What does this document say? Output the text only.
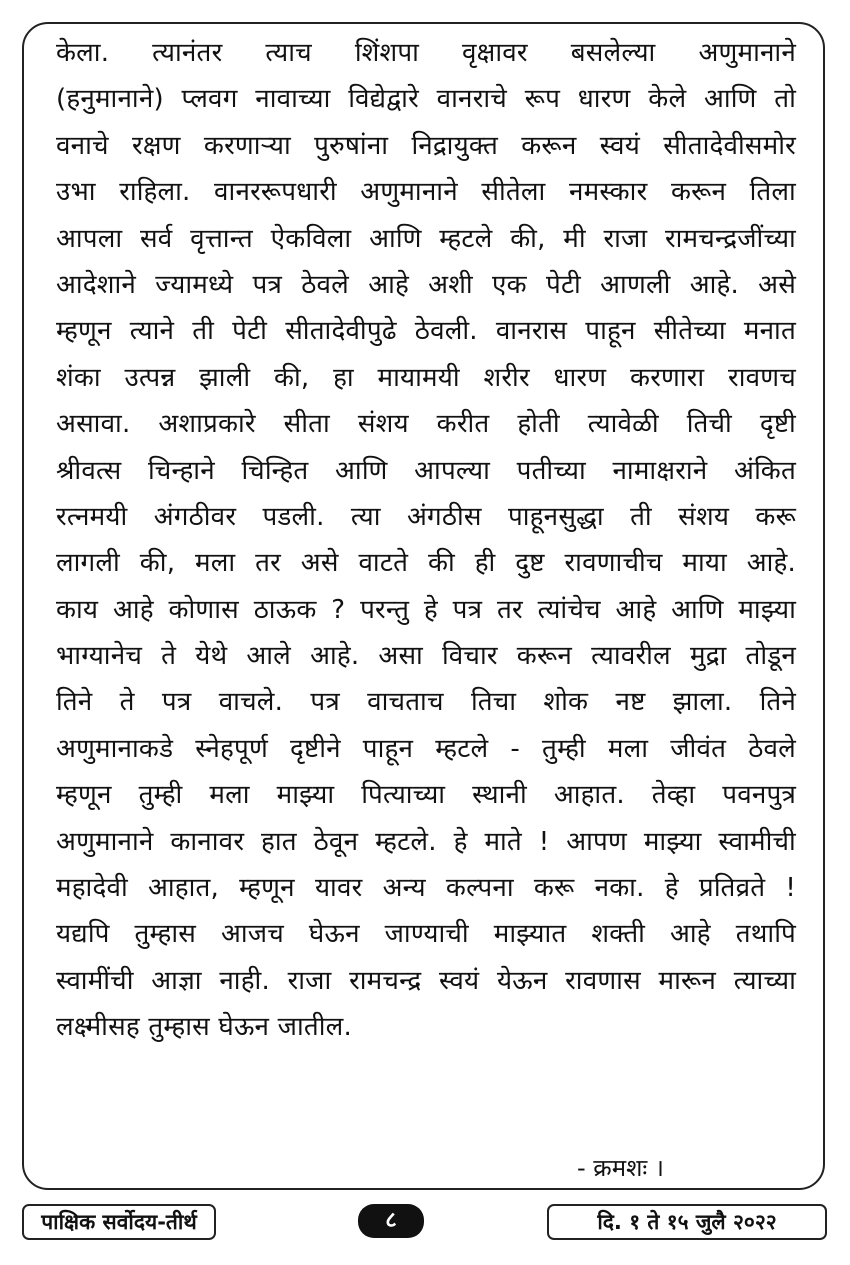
केला. त्यानंतर त्याच शिंशपा वृक्षावर बसलेल्या अणुमानाने
(हनुमानाने) प्लवग नावाच्या विद्येद्वारे वानराचे रूप धारण केले आणि तो
वनाचे रक्षण करणाऱ्या पुरुषांना निद्रायुक्त करून स्वयं सीतादेवीसमोर
उभा राहिला. वानररूपधारी अणुमानाने सीतेला नमस्कार करून तिला
आपला सर्व वृत्तान्त ऐकविला आणि म्हटले की, मी राजा रामचन्द्रजींच्या
आदेशाने ज्यामध्ये पत्र ठेवले आहे अशी एक पेटी आणली आहे. असे
म्हणून त्याने ती पेटी सीतादेवीपुढे ठेवली. वानरास पाहून सीतेच्या मनात
शंका उत्पन्न झाली की, हा मायामयी शरीर धारण करणारा रावणच
असावा. अशाप्रकारे सीता संशय करीत होती त्यावेळी तिची दृष्टी
श्रीवत्स चिन्हाने चिन्हित आणि आपल्या पतीच्या नामाक्षराने अंकित
रत्नमयी अंगठीवर पडली. त्या अंगठीस पाहूनसुद्धा ती संशय करू
लागली की, मला तर असे वाटते की ही दुष्ट रावणाचीच माया आहे.
काय आहे कोणास ठाऊक ? परन्तु हे पत्र तर त्यांचेच आहे आणि माझ्या
भाग्यानेच ते येथे आले आहे. असा विचार करून त्यावरील मुद्रा तोडून
तिने ते पत्र वाचले. पत्र वाचताच तिचा शोक नष्ट झाला. तिने
अणुमानाकडे स्नेहपूर्ण दृष्टीने पाहून म्हटले - तुम्ही मला जीवंत ठेवले
म्हणून तुम्ही मला माझ्या पित्याच्या स्थानी आहात. तेव्हा पवनपुत्र
अणुमानाने कानावर हात ठेवून म्हटले. हे माते ! आपण माझ्या स्वामीची
महादेवी आहात, म्हणून यावर अन्य कल्पना करू नका. हे प्रतिव्रते !
यद्यपि तुम्हास आजच घेऊन जाण्याची माझ्यात शक्ती आहे तथापि
स्वामींची आज्ञा नाही. राजा रामचन्द्र स्वयं येऊन रावणास मारून त्याच्या
लक्ष्मीसह तुम्हास घेऊन जातील.
- क्रमशः ।
पाक्षिक सर्वोदय-तीर्थ	८	दि. १ ते १५ जुलै २०२२
